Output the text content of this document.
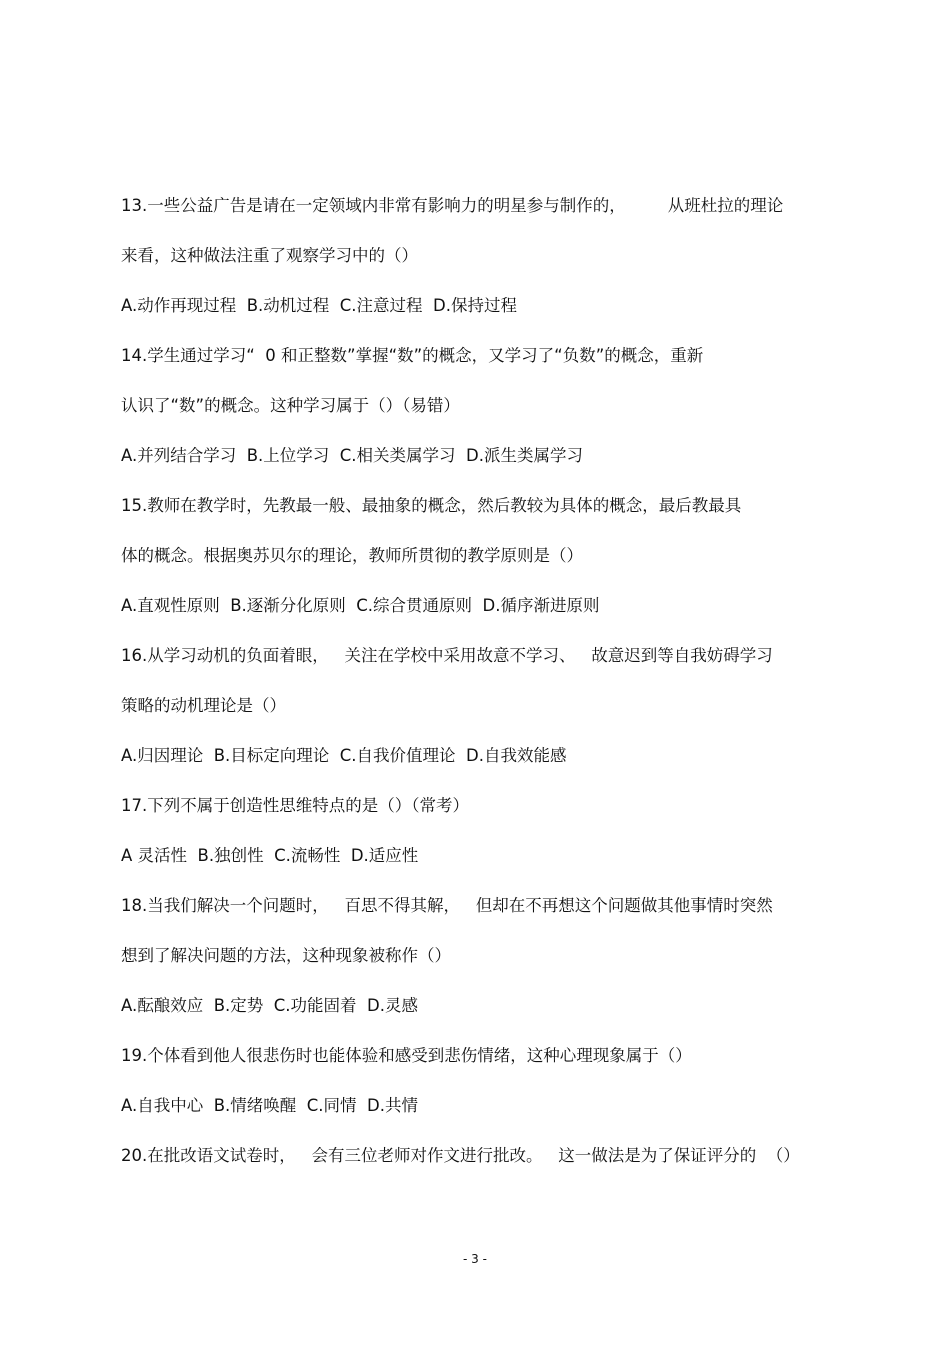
13.一些公益广告是请在一定领域内非常有影响力的明星参与制作的，        从班杜拉的理论
来看，这种做法注重了观察学习中的（）
A.动作再现过程  B.动机过程  C.注意过程  D.保持过程
14.学生通过学习“  0 和正整数”掌握“数”的概念，又学习了“负数”的概念，重新
认识了“数”的概念。这种学习属于（）（易错）
A.并列结合学习  B.上位学习  C.相关类属学习  D.派生类属学习
15.教师在教学时，先教最一般、最抽象的概念，然后教较为具体的概念，最后教最具
体的概念。根据奥苏贝尔的理论，教师所贯彻的教学原则是（）
A.直观性原则  B.逐渐分化原则  C.综合贯通原则  D.循序渐进原则
16.从学习动机的负面着眼，   关注在学校中采用故意不学习、   故意迟到等自我妨碍学习
策略的动机理论是（）
A.归因理论  B.目标定向理论  C.自我价值理论  D.自我效能感
17.下列不属于创造性思维特点的是（）（常考）
A 灵活性  B.独创性  C.流畅性  D.适应性
18.当我们解决一个问题时，   百思不得其解，   但却在不再想这个问题做其他事情时突然
想到了解决问题的方法，这种现象被称作（）
A.酝酿效应  B.定势  C.功能固着  D.灵感
19.个体看到他人很悲伤时也能体验和感受到悲伤情绪，这种心理现象属于（）
A.自我中心  B.情绪唤醒  C.同情  D.共情
20.在批改语文试卷时，   会有三位老师对作文进行批改。   这一做法是为了保证评分的  （）
- 3 -
